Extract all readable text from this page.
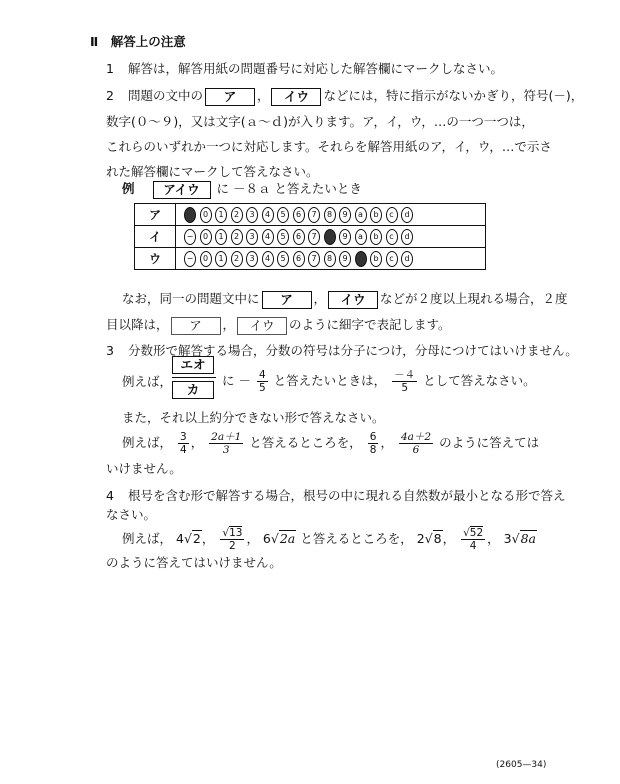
Ⅱ　解答上の注意
1 解答は，解答用紙の問題番号に対応した解答欄にマークしなさい。
2 問題の文中の ア ， イウ などには，特に指示がないかぎり，符号(－)，
数字(０～９)，又は文字(ａ～ｄ)が入ります。ア，イ，ウ，…の一つ一つは，
これらのいずれか一つに対応します。それらを解答用紙のア，イ，ウ，…で示さ
れた解答欄にマークして答えなさい。
例 アイウ に －８ａ と答えたいとき
ア	− 0 1 2 3 4 5 6 7 8 9 a b c d
イ	− 0 1 2 3 4 5 6 7 8 9 a b c d
ウ	− 0 1 2 3 4 5 6 7 8 9 a b c d
なお，同一の問題文中に ア ， イウ などが２度以上現れる場合，２度
目以降は， ア ， イウ のように細字で表記します。
3 分数形で解答する場合，分数の符号は分子につけ，分母につけてはいけません。
例えば，
エオ
カ
に － $\frac{4}{5}$ と答えたいときは， $\frac{-4}{5}$ として答えなさい。
また，それ以上約分できない形で答えなさい。
例えば， $\frac{3}{4}$ ， $\frac{2a+1}{3}$ と答えるところを， $\frac{6}{8}$ ， $\frac{4a+2}{6}$ のように答えては
いけません。
4 根号を含む形で解答する場合，根号の中に現れる自然数が最小となる形で答え
なさい。
例えば， 4√2， $\frac{√13}{2}$ ， 6√2a と答えるところを， 2√8， $\frac{√52}{4}$ ， 3√8a
のように答えてはいけません。
(2605—34)
